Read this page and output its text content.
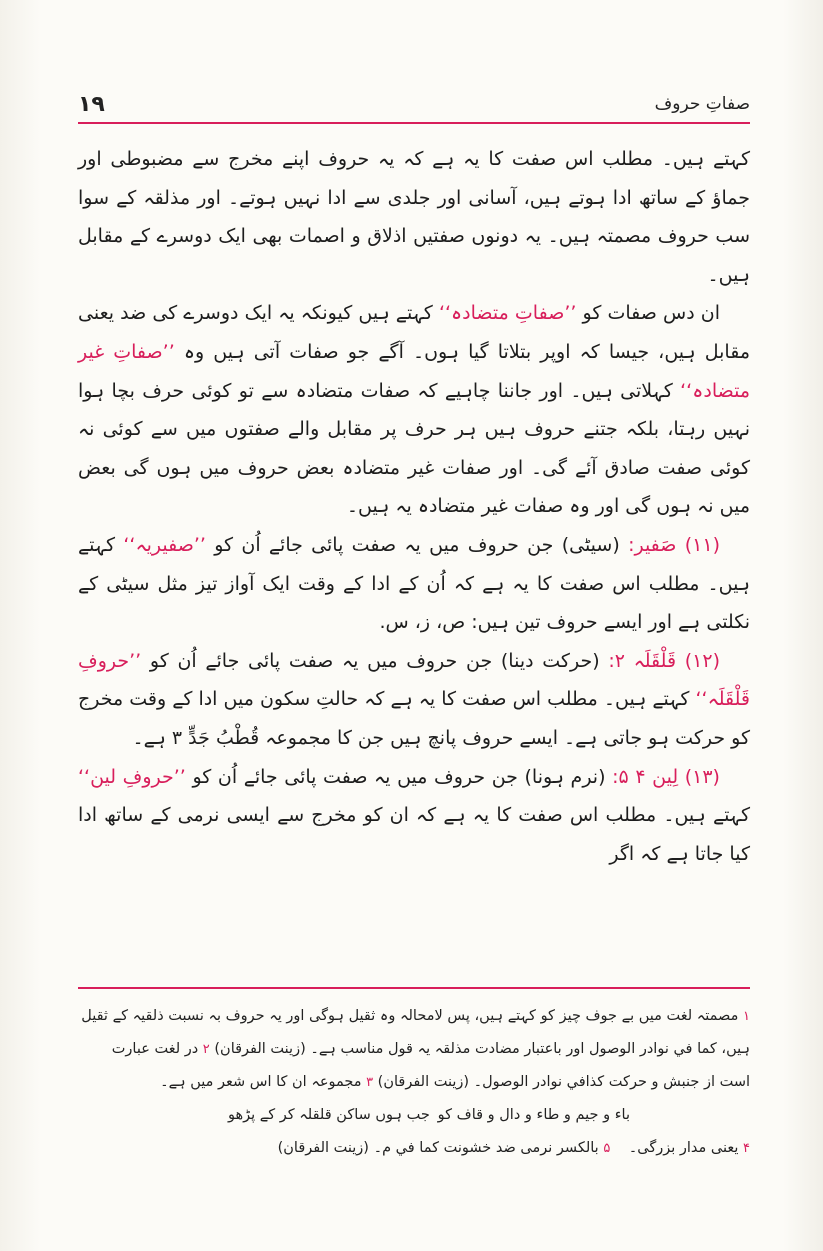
صفاتِ حروف
١٩

کہتے ہیں۔ مطلب اس صفت کا یہ ہے کہ یہ حروف اپنے مخرج سے مضبوطی اور جماؤ کے ساتھ ادا ہوتے ہیں، آسانی اور جلدی سے ادا نہیں ہوتے۔ اور مذلقہ کے سوا سب حروف مصمتہ ہیں۔ یہ دونوں صفتیں اذلاق و اصمات بھی ایک دوسرے کے مقابل ہیں۔

ان دس صفات کو ’’صفاتِ متضادہ‘‘ کہتے ہیں کیونکہ یہ ایک دوسرے کی ضد یعنی مقابل ہیں، جیسا کہ اوپر بتلاتا گیا ہوں۔ آگے جو صفات آتی ہیں وہ ’’صفاتِ غیر متضادہ‘‘ کہلاتی ہیں۔ اور جاننا چاہیے کہ صفات متضادہ سے تو کوئی حرف بچا ہوا نہیں رہتا، بلکہ جتنے حروف ہیں ہر حرف پر مقابل والے صفتوں میں سے کوئی نہ کوئی صفت صادق آئے گی۔ اور صفات غیر متضادہ بعض حروف میں ہوں گی بعض میں نہ ہوں گی اور وہ صفات غیر متضادہ یہ ہیں۔

(۱۱) صَفیر: (سیٹی) جن حروف میں یہ صفت پائی جائے اُن کو ’’صفیریہ‘‘ کہتے ہیں۔ مطلب اس صفت کا یہ ہے کہ اُن کے ادا کے وقت ایک آواز تیز مثل سیٹی کے نکلتی ہے اور ایسے حروف تین ہیں: ص، ز، س.

(۱۲) قَلْقَلَہ ۲: (حرکت دینا) جن حروف میں یہ صفت پائی جائے اُن کو ’’حروفِ قَلْقَلَہ‘‘ کہتے ہیں۔ مطلب اس صفت کا یہ ہے کہ حالتِ سکون میں ادا کے وقت مخرج کو حرکت ہو جاتی ہے۔ ایسے حروف پانچ ہیں جن کا مجموعہ قُطْبُ جَدٍّ ۳ ہے۔

(۱۳) لِین ۴ ۵: (نرم ہونا) جن حروف میں یہ صفت پائی جائے اُن کو ’’حروفِ لین‘‘ کہتے ہیں۔ مطلب اس صفت کا یہ ہے کہ ان کو مخرج سے ایسی نرمی کے ساتھ ادا کیا جاتا ہے کہ اگر

۱ مصمتہ لغت میں بے جوف چیز کو کہتے ہیں، پس لامحالہ وہ ثقیل ہوگی اور یہ حروف بہ نسبت ذلقیہ کے ثقیل ہیں، کما في نوادر الوصول اور باعتبار مضادت مذلقہ یہ قول مناسب ہے۔ (زینت الفرقان) ۲ در لغت عبارت است از جنبش و حرکت کذافي نوادر الوصول۔ (زینت الفرقان) ۳ مجموعہ ان کا اس شعر میں ہے۔

باء و جیم و طاء و دال و قاف کو
جب ہوں ساکن قلقلہ کر کے پڑھو

۴ یعنی مدار بزرگی۔    ۵ بالکسر نرمی ضد خشونت کما في م۔ (زینت الفرقان)
